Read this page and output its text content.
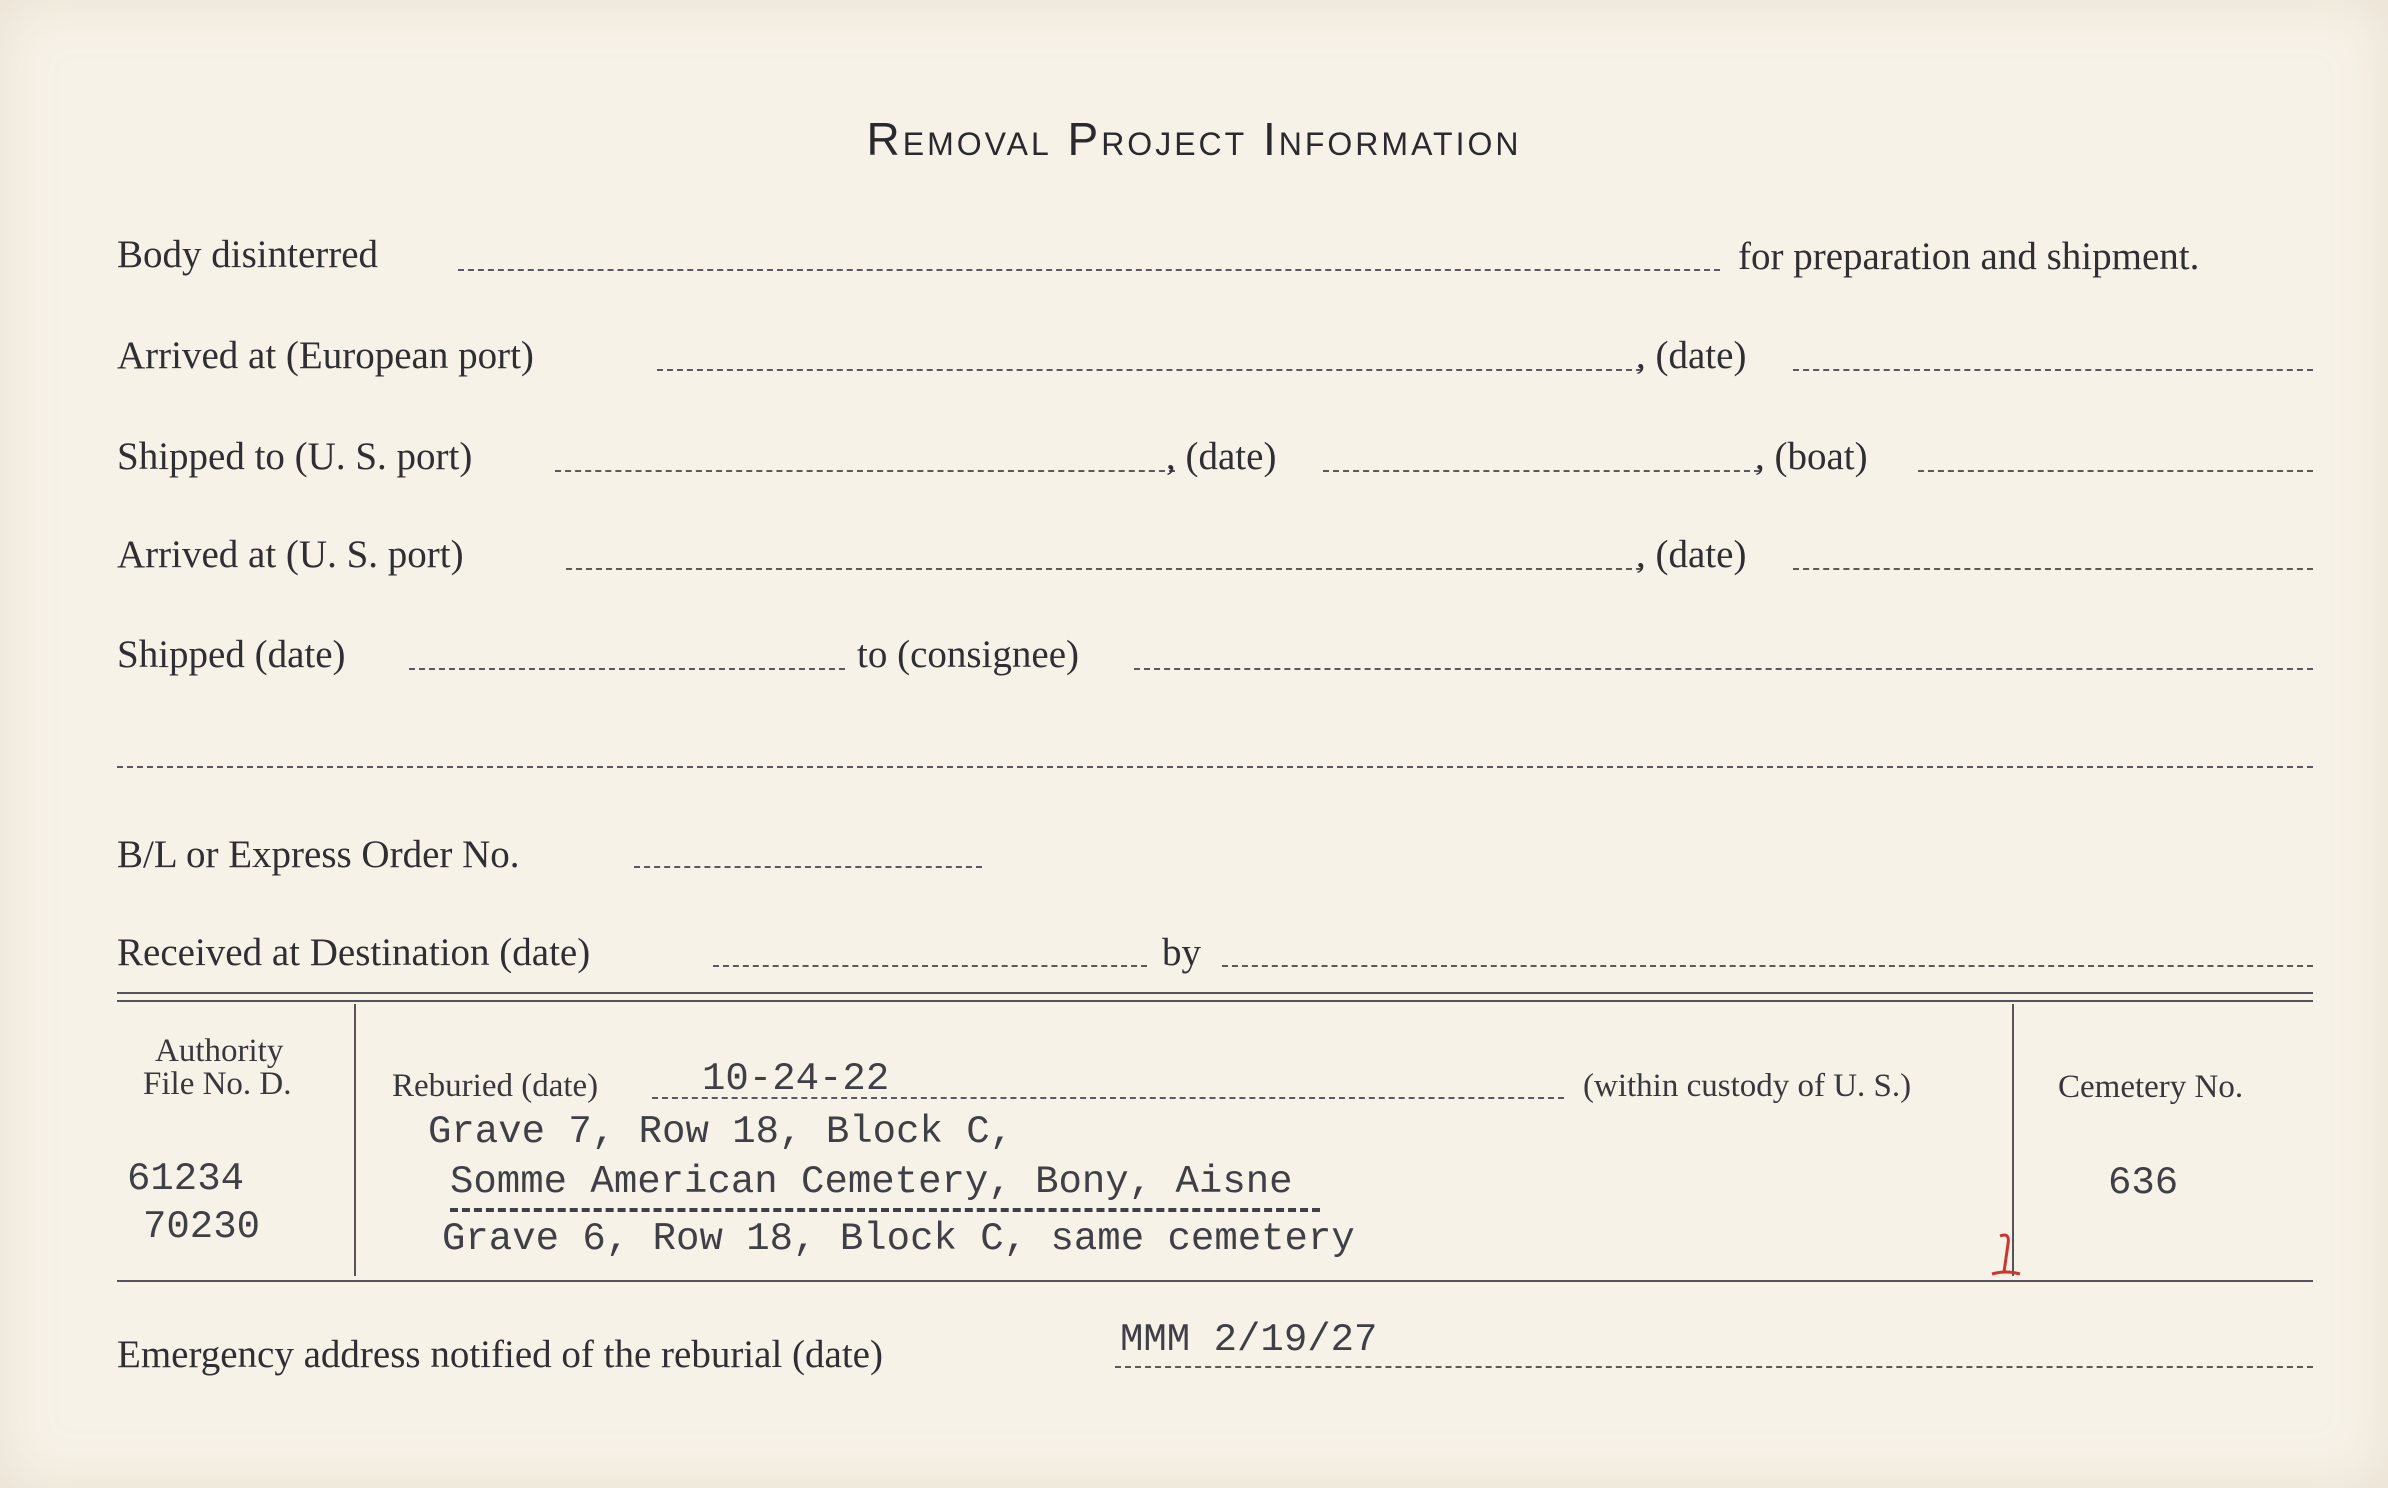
Removal Project Information
Body disinterred	for preparation and shipment.
Arrived at (European port)	, (date)
Shipped to (U. S. port)	, (date)	, (boat)
Arrived at (U. S. port)	, (date)
Shipped (date)	to (consignee)
B/L or Express Order No.
Received at Destination (date)	by
Authority
File No. D.
61234
70230
Reburied (date)	10-24-22	(within custody of U. S.)
Grave 7, Row 18, Block C,
Somme American Cemetery, Bony, Aisne
Grave 6, Row 18, Block C, same cemetery
Cemetery No.
636
Emergency address notified of the reburial (date)	MMM 2/19/27
